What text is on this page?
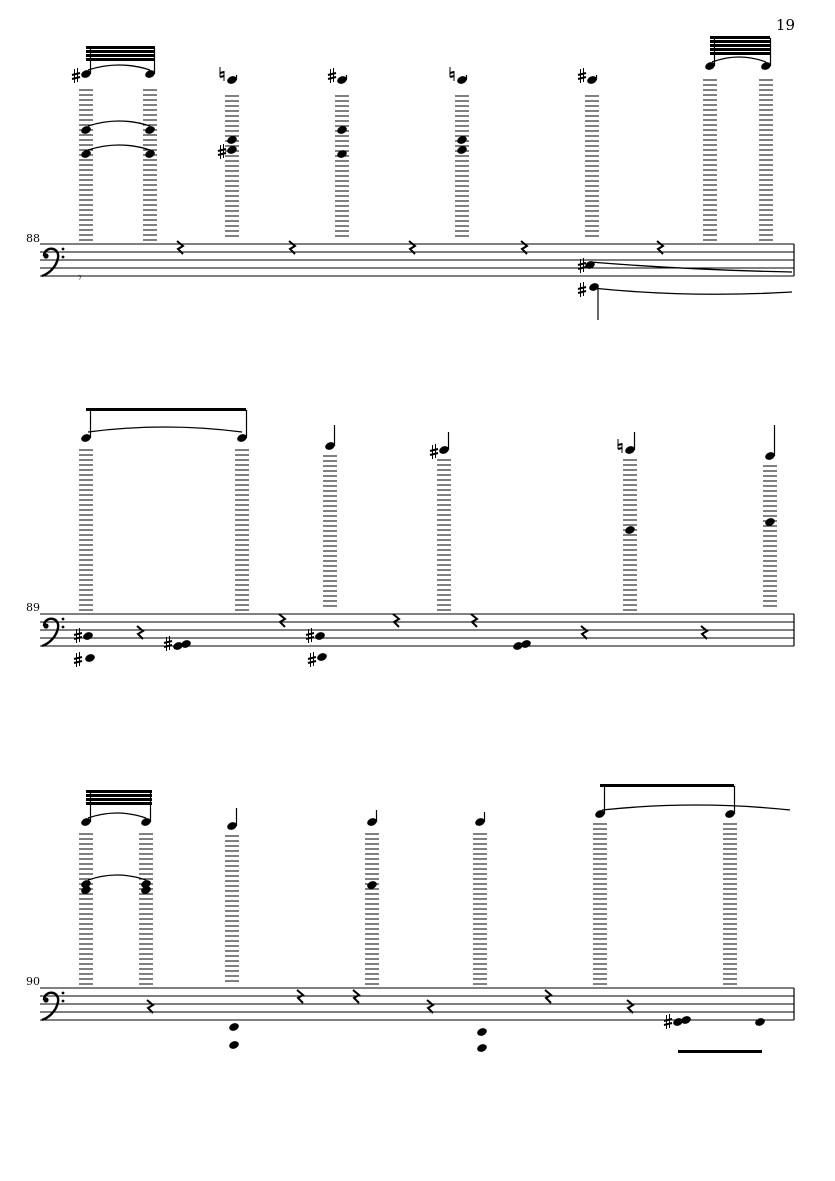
19
88
89
90
𝄾
